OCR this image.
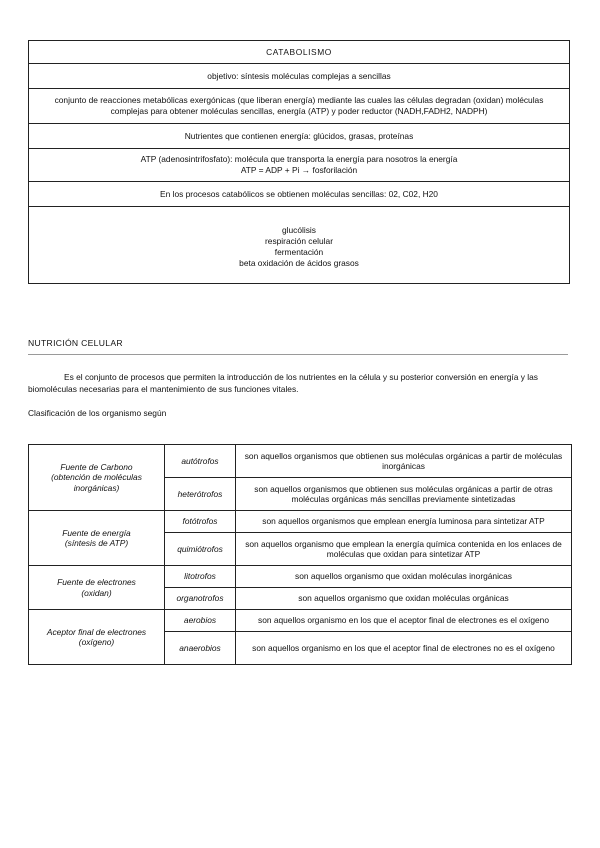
CATABOLISMO
objetivo: síntesis moléculas complejas a sencillas

conjunto de reacciones metabólicas exergónicas (que liberan energía) mediante las cuales las células degradan (oxidan) moléculas
complejas para obtener moléculas sencillas, energía (ATP) y poder reductor (NADH,FADH2, NADPH)

Nutrientes que contienen energía: glúcidos, grasas, proteínas

ATP (adenosintrifosfato): molécula que transporta la energía para nosotros la energía
ATP = ADP + Pi → fosforilación

En los procesos catabólicos se obtienen moléculas sencillas: 02, C02, H20

glucólisis
respiración celular
fermentación
beta oxidación de ácidos grasos
NUTRICIÓN CELULAR

Es el conjunto de procesos que permiten la introducción de los nutrientes en la célula y su posterior conversión en energía y las biomoléculas necesarias para el mantenimiento de sus funciones vitales.

Clasificación de los organismo según

Fuente de Carbono
(obtención de moléculas
inorgánicas)	autótrofos	son aquellos organismos que obtienen sus moléculas orgánicas a partir de moléculas inorgánicas
	heterótrofos	son aquellos organismos que obtienen sus moléculas orgánicas a partir de otras moléculas orgánicas más sencillas previamente sintetizadas

Fuente de energía
(síntesis de ATP)	fotótrofos	son aquellos organismos que emplean energía luminosa para sintetizar ATP
	quimiótrofos	son aquellos organismo que emplean la energía química contenida en los enlaces de moléculas que oxidan para sintetizar ATP

Fuente de electrones
(oxidan)	litotrofos	son aquellos organismo que oxidan moléculas inorgánicas
	organotrofos	son aquellos organismo que oxidan moléculas orgánicas

Aceptor final de electrones
(oxígeno)	aerobios	son aquellos organismo en los que el aceptor final de electrones es el oxígeno
	anaerobios	son aquellos organismo en los que el aceptor final de electrones no es el oxígeno
